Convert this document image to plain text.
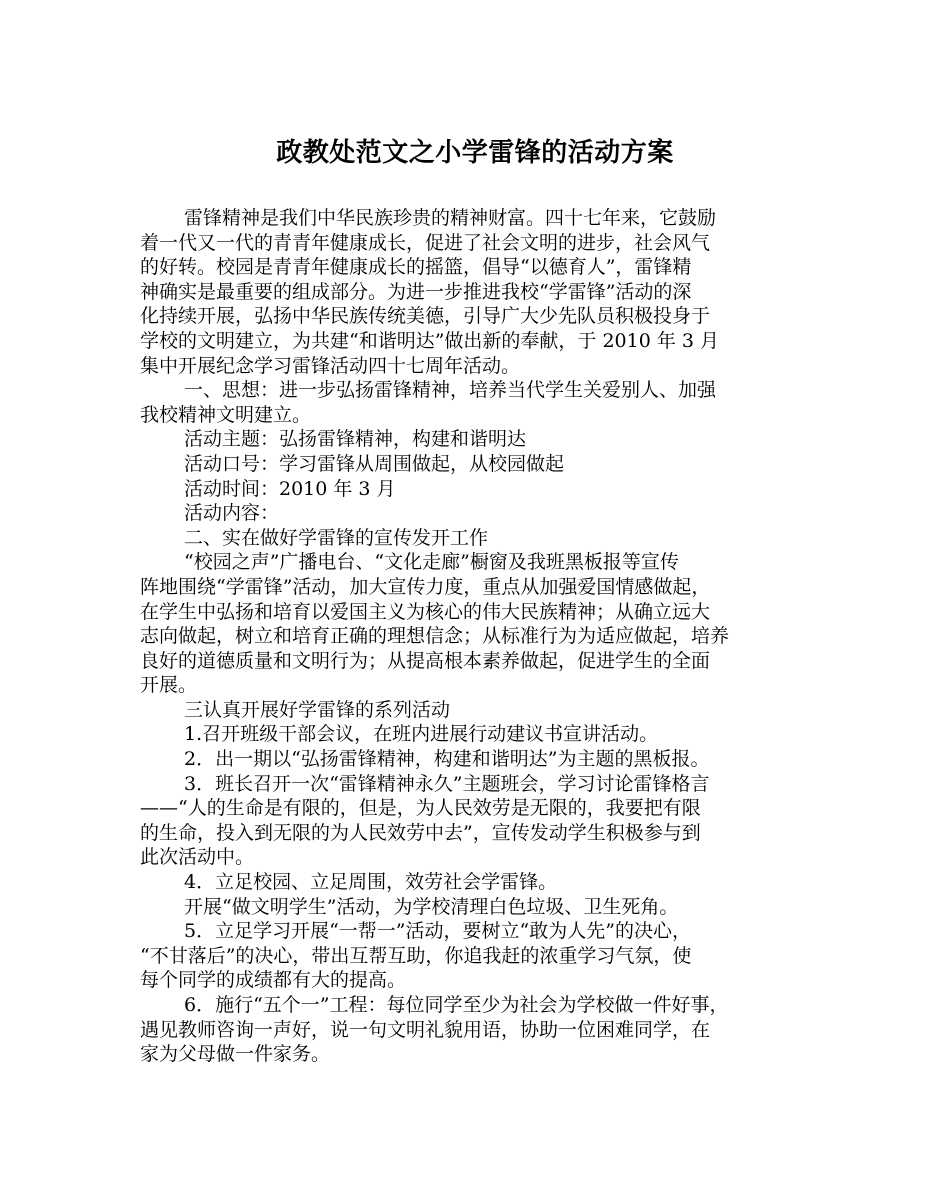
政教处范文之小学雷锋的活动方案
雷锋精神是我们中华民族珍贵的精神财富。四十七年来，它鼓励
着一代又一代的青青年健康成长，促进了社会文明的进步，社会风气
的好转。校园是青青年健康成长的摇篮，倡导“以德育人”，雷锋精
神确实是最重要的组成部分。为进一步推进我校“学雷锋”活动的深
化持续开展，弘扬中华民族传统美德，引导广大少先队员积极投身于
学校的文明建立，为共建“和谐明达”做出新的奉献，于 2010 年 3 月
集中开展纪念学习雷锋活动四十七周年活动。
一、思想：进一步弘扬雷锋精神，培养当代学生关爱别人、加强
我校精神文明建立。
活动主题：弘扬雷锋精神，构建和谐明达
活动口号：学习雷锋从周围做起，从校园做起
活动时间：2010 年 3 月
活动内容：
二、实在做好学雷锋的宣传发开工作
“校园之声”广播电台、“文化走廊”橱窗及我班黑板报等宣传
阵地围绕“学雷锋”活动，加大宣传力度，重点从加强爱国情感做起，
在学生中弘扬和培育以爱国主义为核心的伟大民族精神；从确立远大
志向做起，树立和培育正确的理想信念；从标准行为为适应做起，培养
良好的道德质量和文明行为；从提高根本素养做起，促进学生的全面
开展。
三认真开展好学雷锋的系列活动
1.召开班级干部会议，在班内进展行动建议书宣讲活动。
2．出一期以“弘扬雷锋精神，构建和谐明达”为主题的黑板报。
3．班长召开一次“雷锋精神永久”主题班会，学习讨论雷锋格言
——“人的生命是有限的，但是，为人民效劳是无限的，我要把有限
的生命，投入到无限的为人民效劳中去”，宣传发动学生积极参与到
此次活动中。
4．立足校园、立足周围，效劳社会学雷锋。
开展“做文明学生”活动，为学校清理白色垃圾、卫生死角。
5．立足学习开展“一帮一”活动，要树立“敢为人先”的决心，
“不甘落后”的决心，带出互帮互助，你追我赶的浓重学习气氛，使
每个同学的成绩都有大的提高。
6．施行“五个一”工程：每位同学至少为社会为学校做一件好事，
遇见教师咨询一声好，说一句文明礼貌用语，协助一位困难同学，在
家为父母做一件家务。
